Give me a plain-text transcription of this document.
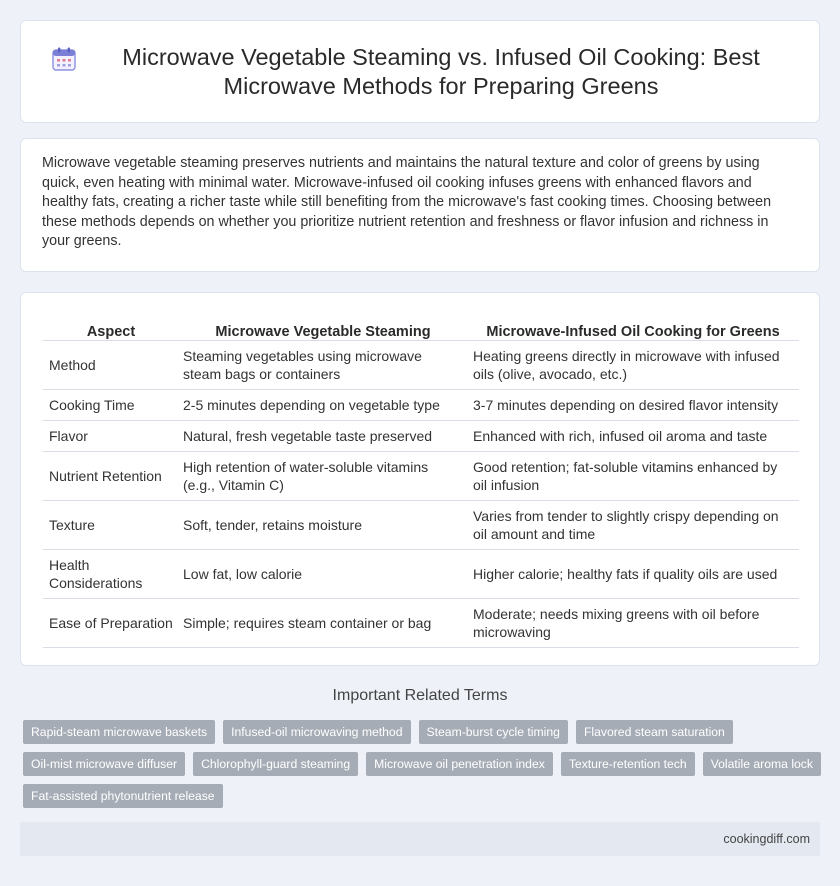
Microwave Vegetable Steaming vs. Infused Oil Cooking: Best Microwave Methods for Preparing Greens

Microwave vegetable steaming preserves nutrients and maintains the natural texture and color of greens by using quick, even heating with minimal water. Microwave-infused oil cooking infuses greens with enhanced flavors and healthy fats, creating a richer taste while still benefiting from the microwave's fast cooking times. Choosing between these methods depends on whether you prioritize nutrient retention and freshness or flavor infusion and richness in your greens.

Aspect	Microwave Vegetable Steaming	Microwave-Infused Oil Cooking for Greens
Method	Steaming vegetables using microwave steam bags or containers	Heating greens directly in microwave with infused oils (olive, avocado, etc.)
Cooking Time	2-5 minutes depending on vegetable type	3-7 minutes depending on desired flavor intensity
Flavor	Natural, fresh vegetable taste preserved	Enhanced with rich, infused oil aroma and taste
Nutrient Retention	High retention of water-soluble vitamins (e.g., Vitamin C)	Good retention; fat-soluble vitamins enhanced by oil infusion
Texture	Soft, tender, retains moisture	Varies from tender to slightly crispy depending on oil amount and time
Health Considerations	Low fat, low calorie	Higher calorie; healthy fats if quality oils are used
Ease of Preparation	Simple; requires steam container or bag	Moderate; needs mixing greens with oil before microwaving
Important Related Terms
Rapid-steam microwave baskets	Infused-oil microwaving method	Steam-burst cycle timing	Flavored steam saturation
Oil-mist microwave diffuser	Chlorophyll-guard steaming	Microwave oil penetration index	Texture-retention tech	Volatile aroma lock
Fat-assisted phytonutrient release
cookingdiff.com
